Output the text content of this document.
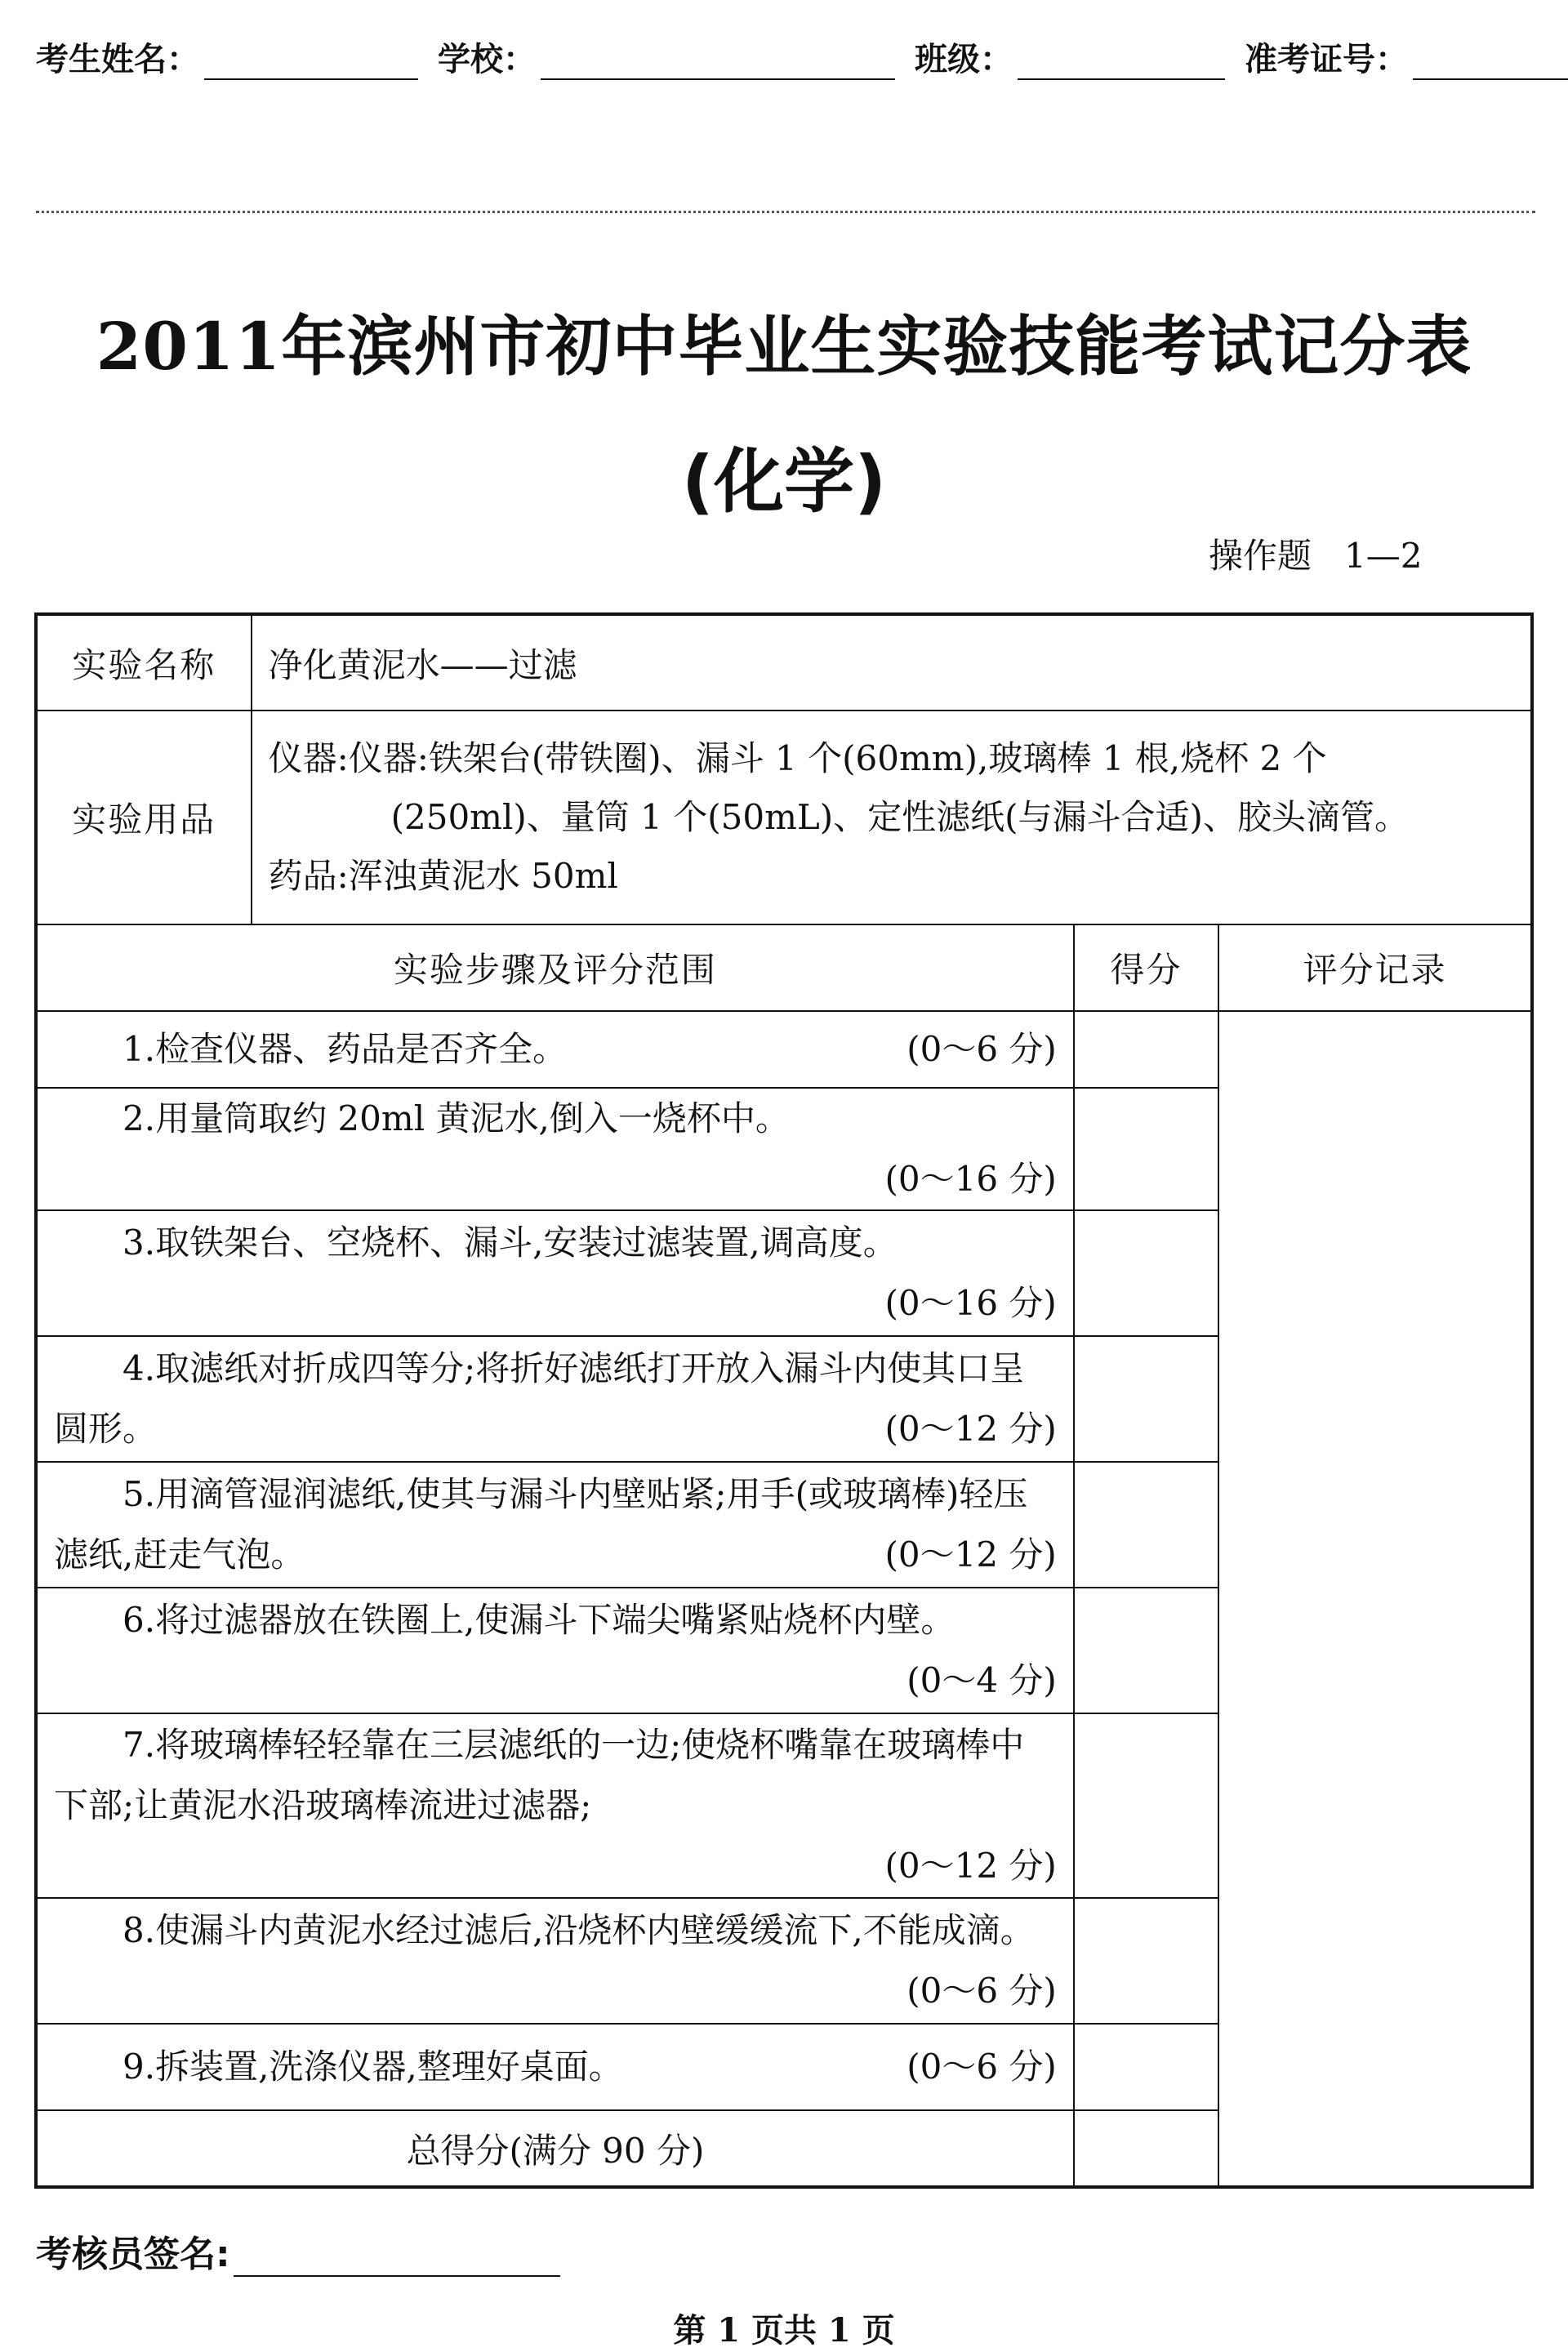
考生姓名：	学校：	班级：	准考证号：
2011年滨州市初中毕业生实验技能考试记分表
(化学)
操作题   1—2
实验名称	净化黄泥水——过滤		
实验用品	仪器:仪器:铁架台(带铁圈)、漏斗 1 个(60mm),玻璃棒 1 根,烧杯 2 个
(250ml)、量筒 1 个(50mL)、定性滤纸(与漏斗合适)、胶头滴管。
药品:浑浊黄泥水 50ml		

实验步骤及评分范围		得分	评分记录
1.检查仪器、药品是否齐全。 (0～6 分)			

2.用量筒取约 20ml 黄泥水,倒入一烧杯中。
(0～16 分)			

3.取铁架台、空烧杯、漏斗,安装过滤装置,调高度。
(0～16 分)			

4.取滤纸对折成四等分;将折好滤纸打开放入漏斗内使其口呈圆形。 (0～12 分)			

5.用滴管湿润滤纸,使其与漏斗内壁贴紧;用手(或玻璃棒)轻压滤纸,赶走气泡。 (0～12 分)			

6.将过滤器放在铁圈上,使漏斗下端尖嘴紧贴烧杯内壁。
(0～4 分)			

7.将玻璃棒轻轻靠在三层滤纸的一边;使烧杯嘴靠在玻璃棒中下部;让黄泥水沿玻璃棒流进过滤器;
(0～12 分)			

8.使漏斗内黄泥水经过滤后,沿烧杯内壁缓缓流下,不能成滴。
(0～6 分)			

9.拆装置,洗涤仪器,整理好桌面。 (0～6 分)			

总得分(满分 90 分)			
考核员签名:
第 1 页共 1 页
